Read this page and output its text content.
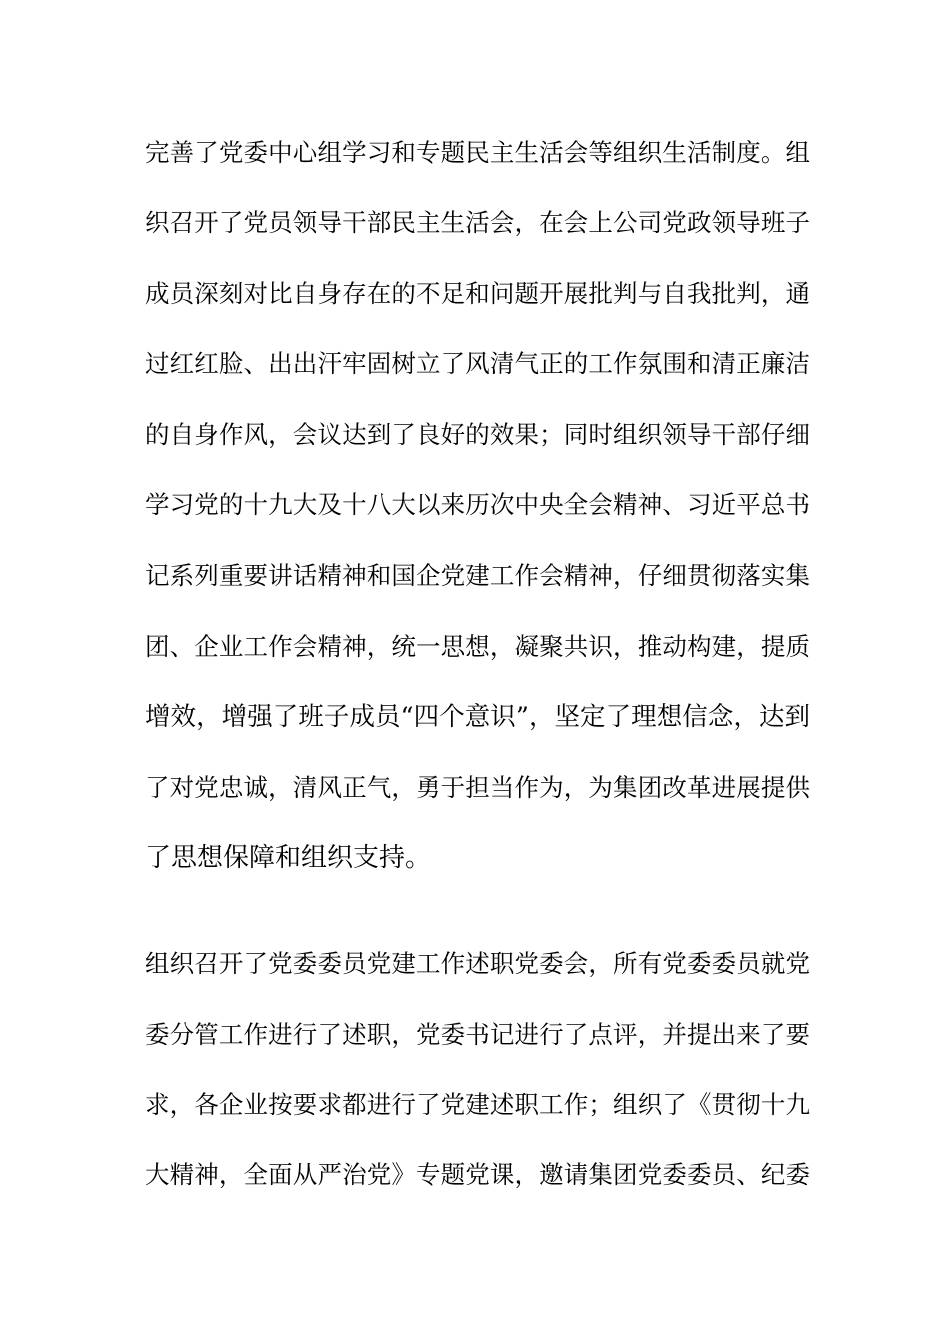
完善了党委中心组学习和专题民主生活会等组织生活制度。组
织召开了党员领导干部民主生活会，在会上公司党政领导班子
成员深刻对比自身存在的不足和问题开展批判与自我批判，通
过红红脸、出出汗牢固树立了风清气正的工作氛围和清正廉洁
的自身作风，会议达到了良好的效果；同时组织领导干部仔细
学习党的十九大及十八大以来历次中央全会精神、习近平总书
记系列重要讲话精神和国企党建工作会精神，仔细贯彻落实集
团、企业工作会精神，统一思想，凝聚共识，推动构建，提质
增效，增强了班子成员“四个意识”，坚定了理想信念，达到
了对党忠诚，清风正气，勇于担当作为，为集团改革进展提供
了思想保障和组织支持。
组织召开了党委委员党建工作述职党委会，所有党委委员就党
委分管工作进行了述职，党委书记进行了点评，并提出来了要
求，各企业按要求都进行了党建述职工作；组织了《贯彻十九
大精神，全面从严治党》专题党课，邀请集团党委委员、纪委
